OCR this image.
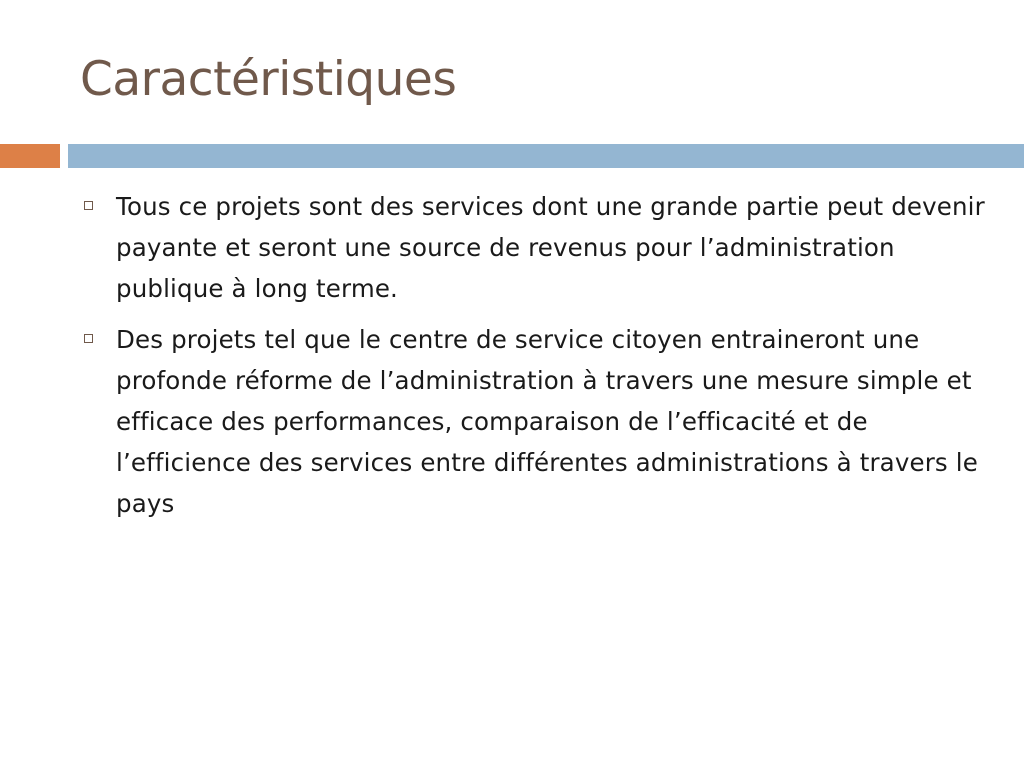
Caractéristiques
Tous ce projets sont des services dont une grande partie peut devenir payante et seront une source de revenus pour l’administration publique à long terme.
Des projets tel que le centre de service citoyen entraineront une profonde réforme de l’administration à travers une mesure simple et efficace des performances, comparaison de l’efficacité et de l’efficience des services entre différentes administrations à travers le pays
